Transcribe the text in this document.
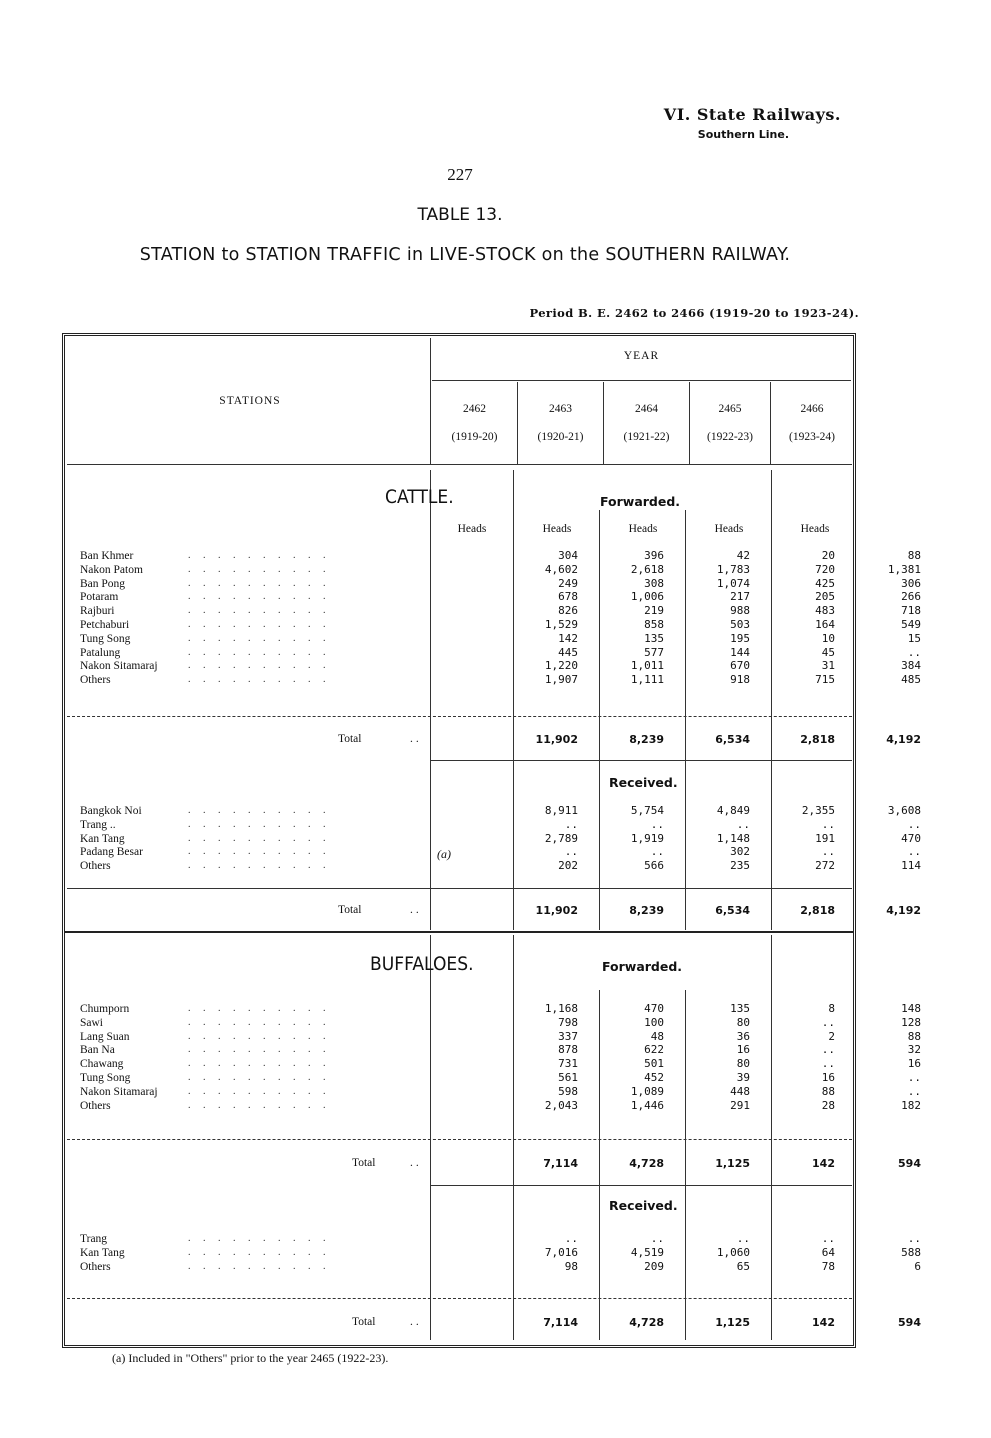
VI. State Railways.
Southern Line.
227
TABLE 13.
STATION to STATION TRAFFIC in LIVE-STOCK on the SOUTHERN RAILWAY.
Period B. E. 2462 to 2466 (1919-20 to 1923-24).
STATIONS
YEAR
2462
(1919-20)
2463
(1920-21)
2464
(1921-22)
2465
(1922-23)
2466
(1923-24)
CATTLE.	Forwarded.
Heads	Heads	Heads	Heads	Heads
Ban Khmer	. . . . . . . . . .	304	396	42	20	88
Nakon Patom	. . . . . . . . . .	4,602	2,618	1,783	720	1,381
Ban Pong	. . . . . . . . . .	249	308	1,074	425	306
Potaram	. . . . . . . . . .	678	1,006	217	205	266
Rajburi	. . . . . . . . . .	826	219	988	483	718
Petchaburi	. . . . . . . . . .	1,529	858	503	164	549
Tung Song	. . . . . . . . . .	142	135	195	10	15
Patalung	. . . . . . . . . .	445	577	144	45	..
Nakon Sitamaraj	. . . . . . . . . .	1,220	1,011	670	31	384
Others	. . . . . . . . . .	1,907	1,111	918	715	485
Total	..	11,902	8,239	6,534	2,818	4,192
Received.
Bangkok Noi	. . . . . . . . . .	8,911	5,754	4,849	2,355	3,608
Trang ..	. . . . . . . . . .	..	..	..	..	..
Kan Tang	. . . . . . . . . .	2,789	1,919	1,148	191	470
Padang Besar	. . . . . . . . . .	..	..	302	..	..
Others	. . . . . . . . . .	202	566	235	272	114
(a)
Total	..	11,902	8,239	6,534	2,818	4,192
BUFFALOES.	Forwarded.
Chumporn	. . . . . . . . . .	1,168	470	135	8	148
Sawi	. . . . . . . . . .	798	100	80	..	128
Lang Suan	. . . . . . . . . .	337	48	36	2	88
Ban Na	. . . . . . . . . .	878	622	16	..	32
Chawang	. . . . . . . . . .	731	501	80	..	16
Tung Song	. . . . . . . . . .	561	452	39	16	..
Nakon Sitamaraj	. . . . . . . . . .	598	1,089	448	88	..
Others	. . . . . . . . . .	2,043	1,446	291	28	182
Total	..	7,114	4,728	1,125	142	594
Received.
Trang	. . . . . . . . . .	..	..	..	..	..
Kan Tang	. . . . . . . . . .	7,016	4,519	1,060	64	588
Others	. . . . . . . . . .	98	209	65	78	6
Total	..	7,114	4,728	1,125	142	594
(a) Included in "Others" prior to the year 2465 (1922-23).
